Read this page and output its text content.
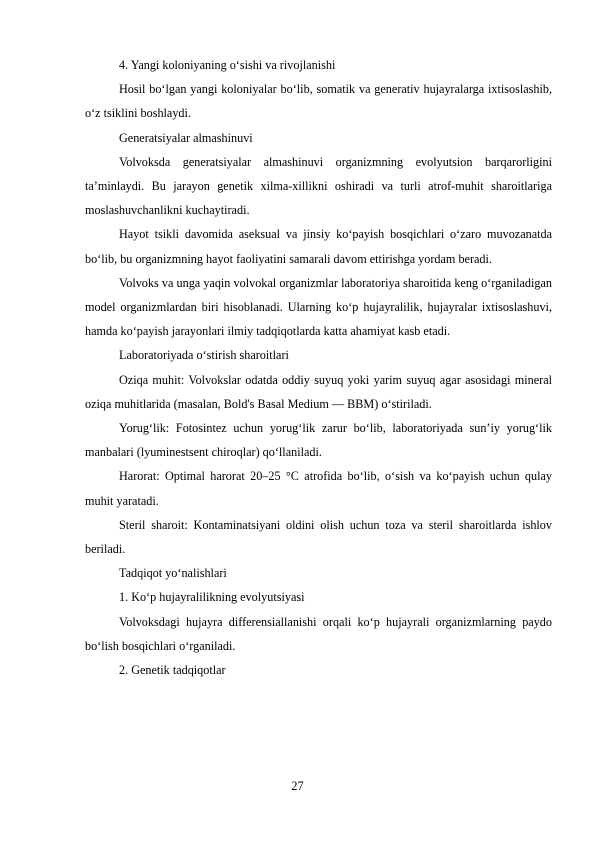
4. Yangi koloniyaning o‘sishi va rivojlanishi

Hosil bo‘lgan yangi koloniyalar bo‘lib, somatik va generativ hujayralarga ixtisoslashib, o‘z tsiklini boshlaydi.

Generatsiyalar almashinuvi

Volvoksda generatsiyalar almashinuvi organizmning evolyutsion barqarorligini ta’minlaydi. Bu jarayon genetik xilma-xillikni oshiradi va turli atrof-muhit sharoitlariga moslashuvchanlikni kuchaytiradi.

Hayot tsikli davomida aseksual va jinsiy ko‘payish bosqichlari o‘zaro muvozanatda bo‘lib, bu organizmning hayot faoliyatini samarali davom ettirishga yordam beradi.

Volvoks va unga yaqin volvokal organizmlar laboratoriya sharoitida keng o‘rganiladigan model organizmlardan biri hisoblanadi. Ularning ko‘p hujayralilik, hujayralar ixtisoslashuvi, hamda ko‘payish jarayonlari ilmiy tadqiqotlarda katta ahamiyat kasb etadi.

Laboratoriyada o‘stirish sharoitlari

Oziqa muhit: Volvokslar odatda oddiy suyuq yoki yarim suyuq agar asosidagi mineral oziqa muhitlarida (masalan, Bold's Basal Medium — BBM) o‘stiriladi.

Yorug‘lik: Fotosintez uchun yorug‘lik zarur bo‘lib, laboratoriyada sun’iy yorug‘lik manbalari (lyuminestsent chiroqlar) qo‘llaniladi.

Harorat: Optimal harorat 20–25 °C atrofida bo‘lib, o‘sish va ko‘payish uchun qulay muhit yaratadi.

Steril sharoit: Kontaminatsiyani oldini olish uchun toza va steril sharoitlarda ishlov beriladi.

Tadqiqot yo‘nalishlari

1. Ko‘p hujayralilikning evolyutsiyasi

Volvoksdagi hujayra differensiallanishi orqali ko‘p hujayrali organizmlarning paydo bo‘lish bosqichlari o‘rganiladi.

2. Genetik tadqiqotlar

27
